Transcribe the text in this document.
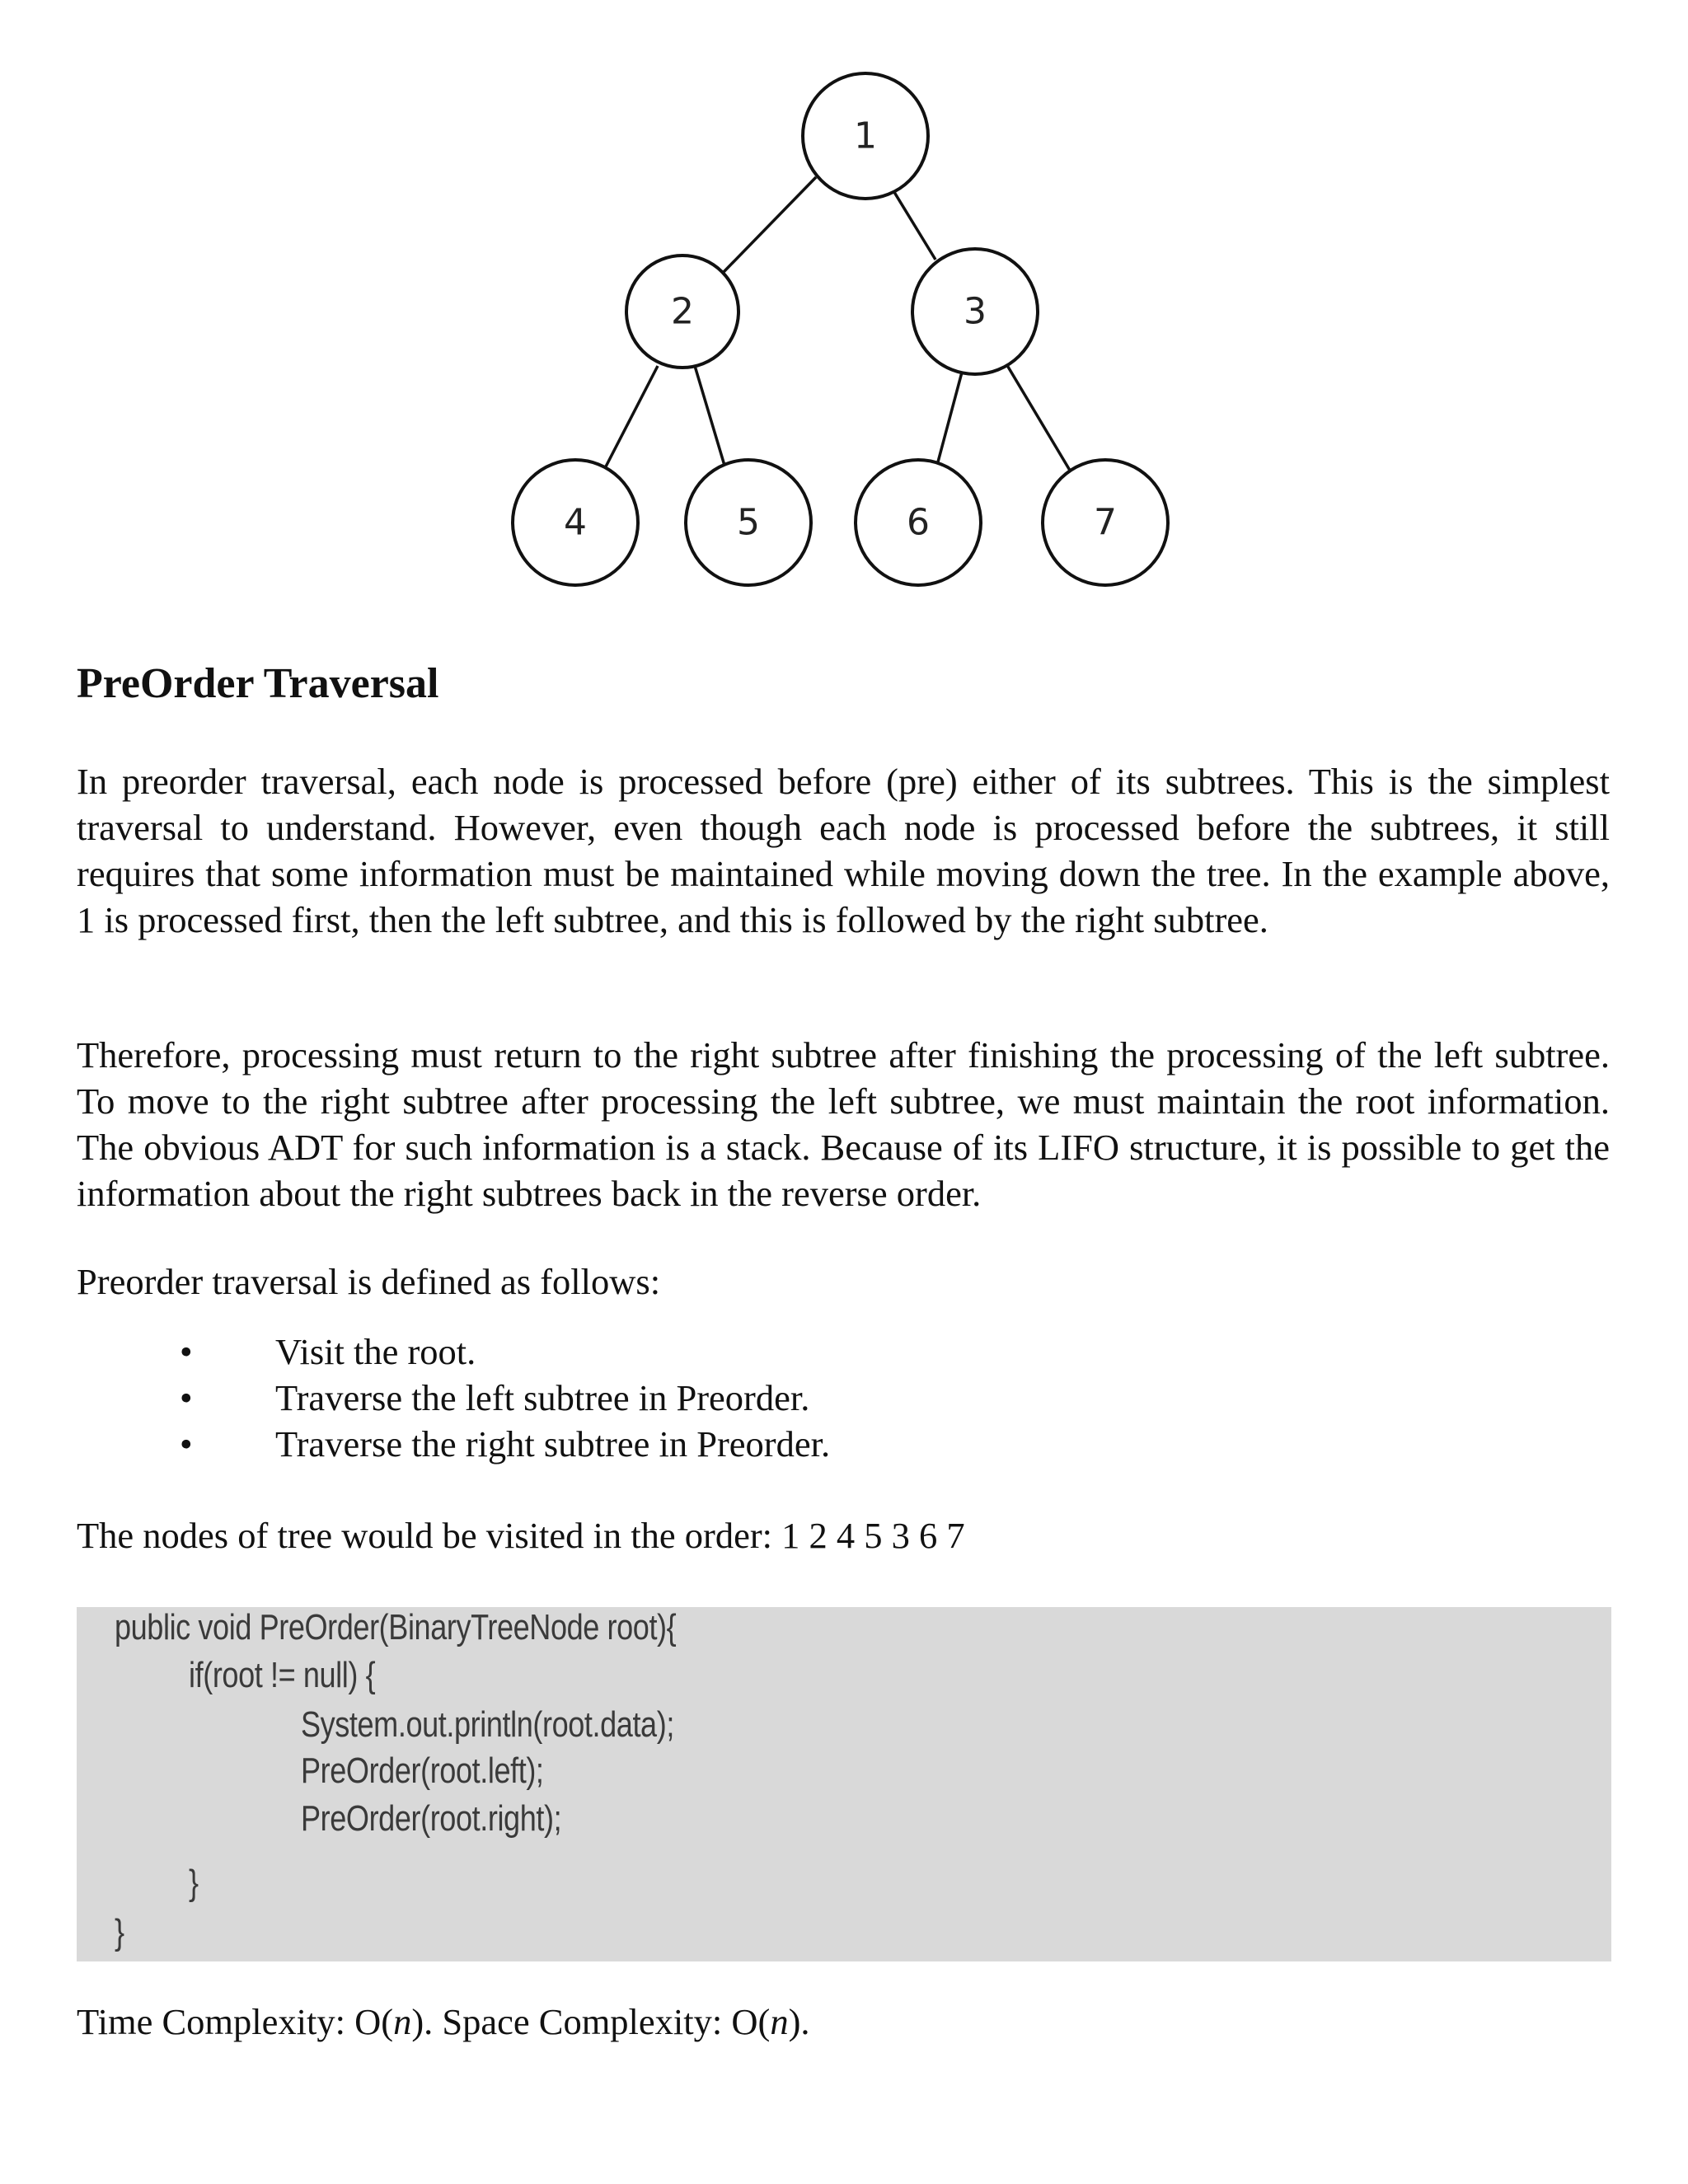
1
2	3
4	5	6	7
PreOrder Traversal

In preorder traversal, each node is processed before (pre) either of its subtrees. This is the simplest traversal to understand. However, even though each node is processed before the subtrees, it still requires that some information must be maintained while moving down the tree. In the example above, 1 is processed first, then the left subtree, and this is followed by the right subtree.

Therefore, processing must return to the right subtree after finishing the processing of the left subtree. To move to the right subtree after processing the left subtree, we must maintain the root information. The obvious ADT for such information is a stack. Because of its LIFO structure, it is possible to get the information about the right subtrees back in the reverse order.

Preorder traversal is defined as follows:

• Visit the root.
• Traverse the left subtree in Preorder.
• Traverse the right subtree in Preorder.

The nodes of tree would be visited in the order: 1 2 4 5 3 6 7

public void PreOrder(BinaryTreeNode root){
if(root != null) {
System.out.println(root.data);
PreOrder(root.left);
PreOrder(root.right);
}
}

Time Complexity: O(n). Space Complexity: O(n).
